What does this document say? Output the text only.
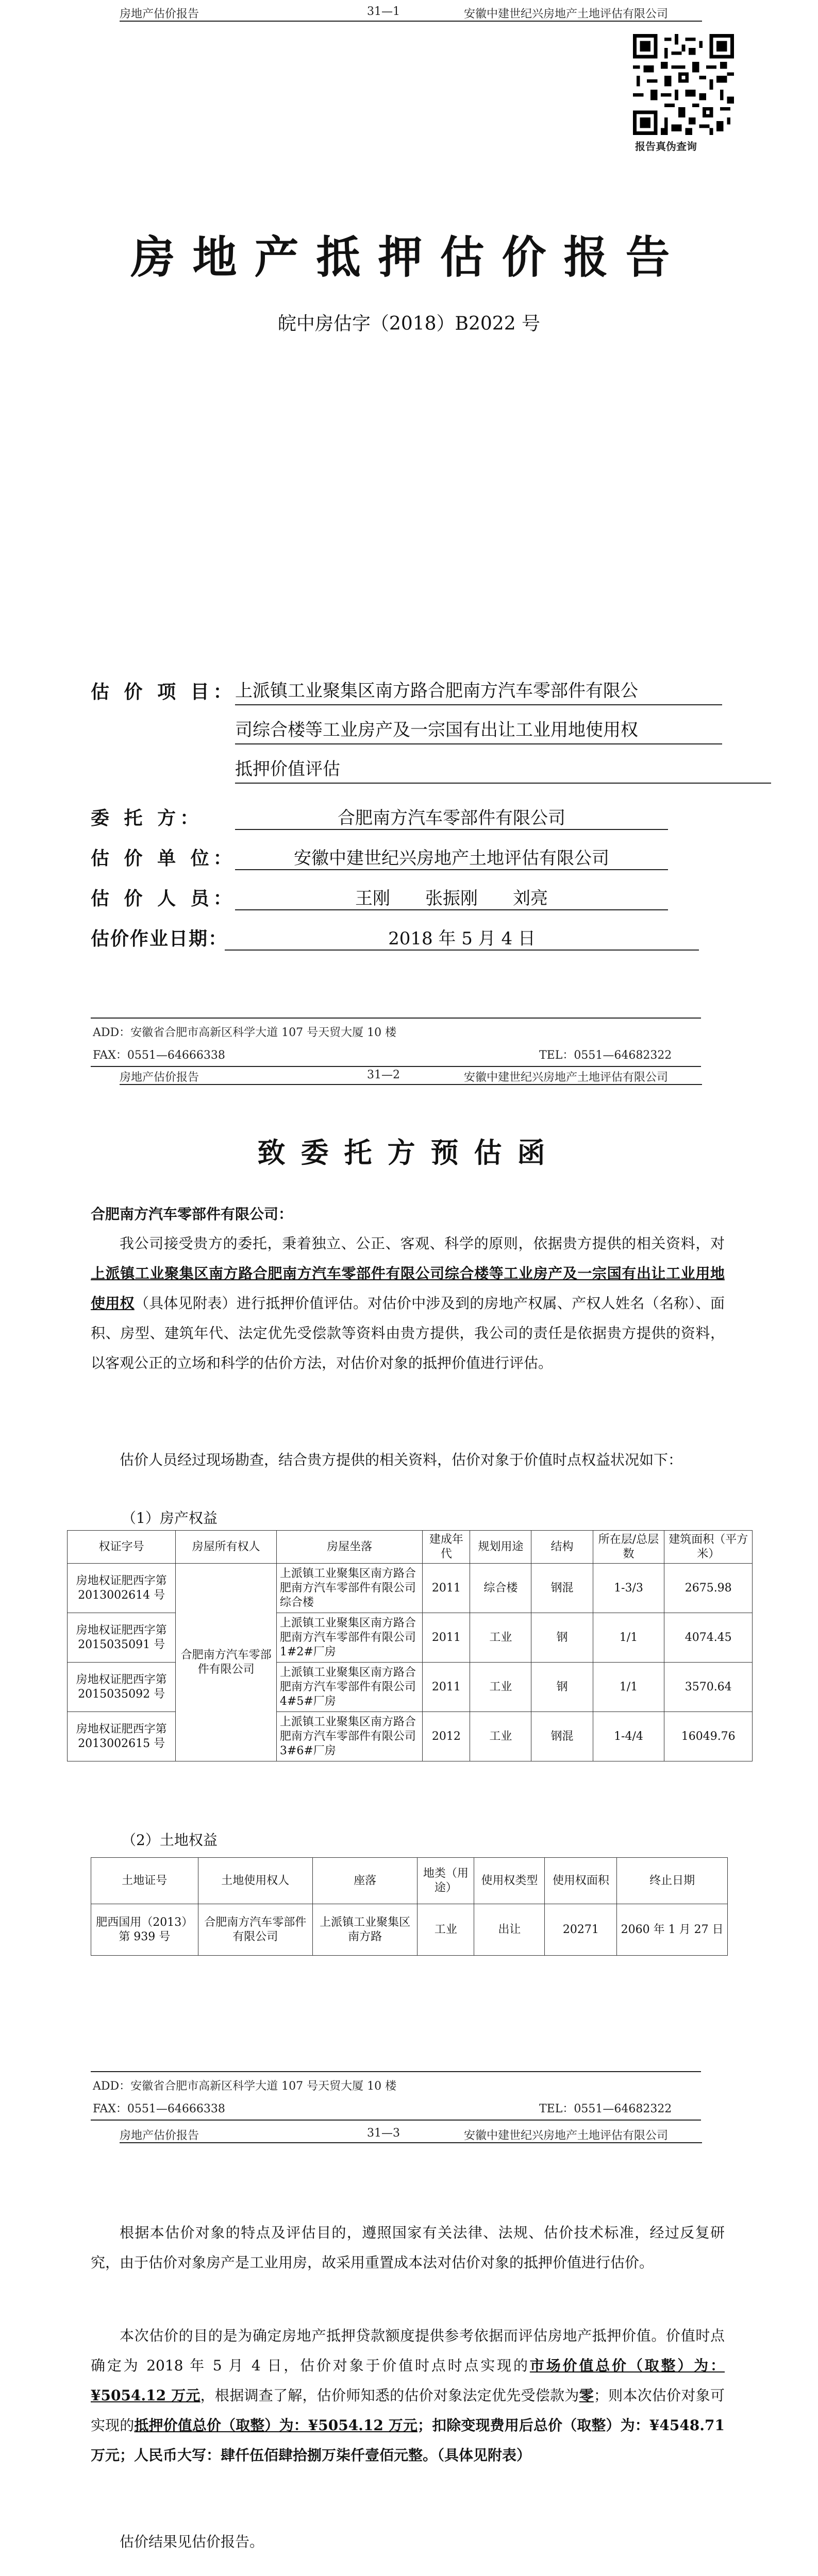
房地产估价报告	31—1	安徽中建世纪兴房地产土地评估有限公司
报告真伪查询
房地产抵押估价报告
皖中房估字（2018）B2022 号
估 价 项 目：
上派镇工业聚集区南方路合肥南方汽车零部件有限公
司综合楼等工业房产及一宗国有出让工业用地使用权
抵押价值评估
委 托 方：	合肥南方汽车零部件有限公司
估 价 单 位：	安徽中建世纪兴房地产土地评估有限公司
估 价 人 员：	王刚　　张振刚　　刘亮
估价作业日期：	2018 年 5 月 4 日
ADD：安徽省合肥市高新区科学大道 107 号天贸大厦 10 楼
FAX：0551—64666338	TEL：0551—64682322
房地产估价报告	31—2	安徽中建世纪兴房地产土地评估有限公司
致委托方预估函
合肥南方汽车零部件有限公司：
我公司接受贵方的委托，秉着独立、公正、客观、科学的原则，依据贵方提供的相关资料，对上派镇工业聚集区南方路合肥南方汽车零部件有限公司综合楼等工业房产及一宗国有出让工业用地使用权（具体见附表）进行抵押价值评估。对估价中涉及到的房地产权属、产权人姓名（名称）、面积、房型、建筑年代、法定优先受偿款等资料由贵方提供，我公司的责任是依据贵方提供的资料，以客观公正的立场和科学的估价方法，对估价对象的抵押价值进行评估。
估价人员经过现场勘查，结合贵方提供的相关资料，估价对象于价值时点权益状况如下：
（1）房产权益
权证字号	房屋所有权人	房屋坐落	建成年代	规划用途	结构	所在层/总层数	建筑面积（平方米）
房地权证肥西字第 2013002614 号	合肥南方汽车零部件有限公司	上派镇工业聚集区南方路合肥南方汽车零部件有限公司综合楼	2011	综合楼	钢混	1-3/3	2675.98
房地权证肥西字第 2015035091 号		上派镇工业聚集区南方路合肥南方汽车零部件有限公司 1#2#厂房	2011	工业	钢	1/1	4074.45
房地权证肥西字第 2015035092 号		上派镇工业聚集区南方路合肥南方汽车零部件有限公司 4#5#厂房	2011	工业	钢	1/1	3570.64
房地权证肥西字第 2013002615 号		上派镇工业聚集区南方路合肥南方汽车零部件有限公司 3#6#厂房	2012	工业	钢混	1-4/4	16049.76
（2）土地权益
土地证号	土地使用权人	座落	地类（用途）	使用权类型	使用权面积	终止日期
肥西国用（2013）第 939 号	合肥南方汽车零部件有限公司	上派镇工业聚集区南方路	工业	出让	20271	2060 年 1 月 27 日
ADD：安徽省合肥市高新区科学大道 107 号天贸大厦 10 楼
FAX：0551—64666338	TEL：0551—64682322
房地产估价报告	31—3	安徽中建世纪兴房地产土地评估有限公司
根据本估价对象的特点及评估目的，遵照国家有关法律、法规、估价技术标准，经过反复研究，由于估价对象房产是工业用房，故采用重置成本法对估价对象的抵押价值进行估价。
本次估价的目的是为确定房地产抵押贷款额度提供参考依据而评估房地产抵押价值。价值时点确定为 2018 年 5 月 4 日，估价对象于价值时点时点实现的市场价值总价（取整）为：¥5054.12 万元，根据调查了解，估价师知悉的估价对象法定优先受偿款为零；则本次估价对象可实现的抵押价值总价（取整）为：¥5054.12 万元；扣除变现费用后总价（取整）为：¥4548.71 万元；人民币大写：肆仟伍佰肆拾捌万柒仟壹佰元整。（具体见附表）
估价结果见估价报告。
